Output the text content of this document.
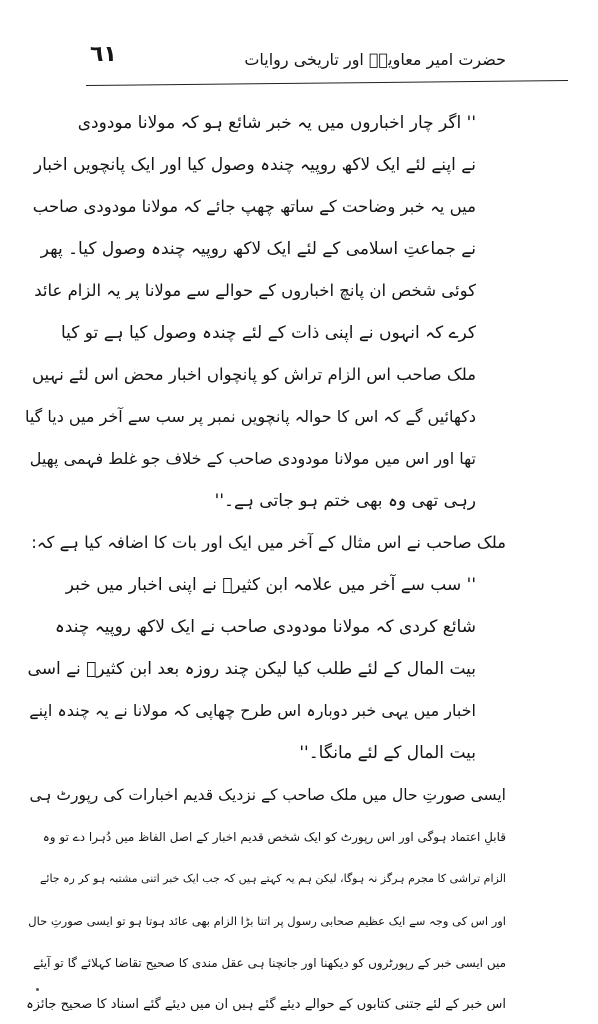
حضرت امیر معاویہؓ اور تاریخی روایات
٦١
'' اگر چار اخباروں میں یہ خبر شائع ہو کہ مولانا مودودی
نے اپنے لئے ایک لاکھ روپیہ چندہ وصول کیا اور ایک پانچویں اخبار
میں یہ خبر وضاحت کے ساتھ چھپ جائے کہ مولانا مودودی صاحب
نے جماعتِ اسلامی کے لئے ایک لاکھ روپیہ چندہ وصول کیا۔ پھر
کوئی شخص ان پانچ اخباروں کے حوالے سے مولانا پر یہ الزام عائد
کرے کہ انہوں نے اپنی ذات کے لئے چندہ وصول کیا ہے تو کیا
ملک صاحب اس الزام تراش کو پانچواں اخبار محض اس لئے نہیں
دکھائیں گے کہ اس کا حوالہ پانچویں نمبر پر سب سے آخر میں دیا گیا
تھا اور اس میں مولانا مودودی صاحب کے خلاف جو غلط فہمی پھیل
رہی تھی وہ بھی ختم ہو جاتی ہے۔''
ملک صاحب نے اس مثال کے آخر میں ایک اور بات کا اضافہ کیا ہے کہ:
'' سب سے آخر میں علامہ ابن کثیرؒ نے اپنی اخبار میں خبر
شائع کردی کہ مولانا مودودی صاحب نے ایک لاکھ روپیہ چندہ
بیت المال کے لئے طلب کیا لیکن چند روزہ بعد ابن کثیرؒ نے اسی
اخبار میں یہی خبر دوبارہ اس طرح چھاپی کہ مولانا نے یہ چندہ اپنے
بیت المال کے لئے مانگا۔''
ایسی صورتِ حال میں ملک صاحب کے نزدیک قدیم اخبارات کی رپورٹ ہی
قابلِ اعتماد ہوگی اور اس رپورٹ کو ایک شخص قدیم اخبار کے اصل الفاظ میں دُہرا دے تو وہ
الزام تراشی کا مجرم ہرگز نہ ہوگا، لیکن ہم یہ کہتے ہیں کہ جب ایک خبر اتنی مشتبہ ہو کر رہ جائے
اور اس کی وجہ سے ایک عظیم صحابی رسول پر اتنا بڑا الزام بھی عائد ہوتا ہو تو ایسی صورتِ حال
میں ایسی خبر کے رپورٹروں کو دیکھنا اور جانچنا ہی عقل مندی کا صحیح تقاضا کہلائے گا تو آیئے
اس خبر کے لئے جتنی کتابوں کے حوالے دیئے گئے ہیں ان میں دیئے گئے اسناد کا صحیح جائزہ
